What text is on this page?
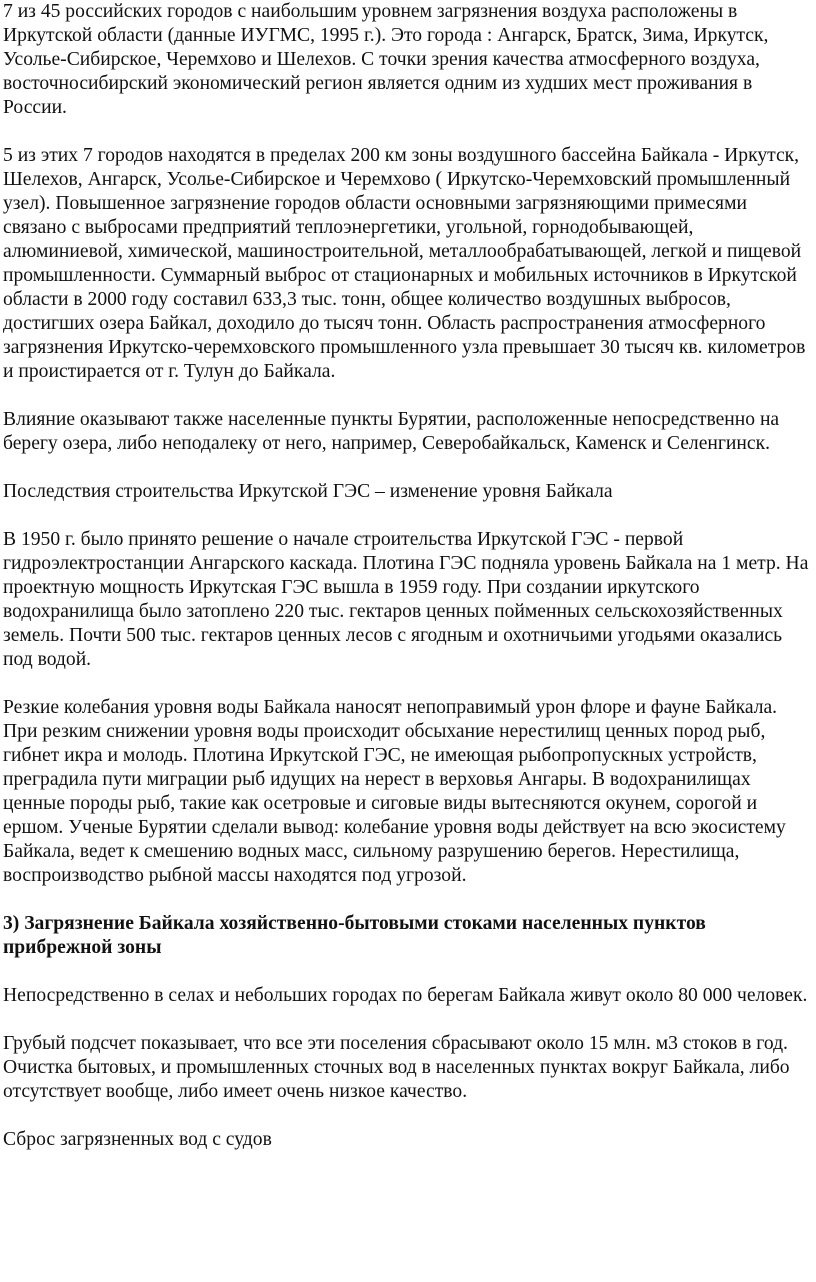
7 из 45 российских городов с наибольшим уровнем загрязнения воздуха расположены в Иркутской области (данные ИУГМС, 1995 г.). Это города : Ангарск, Братск, Зима, Иркутск, Усолье-Сибирское, Черемхово и Шелехов. С точки зрения качества атмосферного воздуха, восточносибирский экономический регион является одним из худших мест проживания в России.

5 из этих 7 городов находятся в пределах 200 км зоны воздушного бассейна Байкала - Иркутск, Шелехов, Ангарск, Усолье-Сибирское и Черемхово ( Иркутско-Черемховский промышленный узел). Повышенное загрязнение городов области основными загрязняющими примесями связано с выбросами предприятий теплоэнергетики, угольной, горнодобывающей, алюминиевой, химической, машиностроительной, металлообрабатывающей, легкой и пищевой промышленности. Суммарный выброс от стационарных и мобильных источников в Иркутской области в 2000 году составил 633,3 тыс. тонн, общее количество воздушных выбросов, достигших озера Байкал, доходило до тысяч тонн. Область распространения атмосферного загрязнения Иркутско-черемховского промышленного узла превышает 30 тысяч кв. километров и проистирается от г. Тулун до Байкала.

Влияние оказывают также населенные пункты Бурятии, расположенные непосредственно на берегу озера, либо неподалеку от него, например, Северобайкальск, Каменск и Селенгинск.

Последствия строительства Иркутской ГЭС – изменение уровня Байкала

В 1950 г. было принято решение о начале строительства Иркутской ГЭС - первой гидроэлектростанции Ангарского каскада. Плотина ГЭС подняла уровень Байкала на 1 метр. На проектную мощность Иркутская ГЭС вышла в 1959 году. При создании иркутского водохранилища было затоплено 220 тыс. гектаров ценных пойменных сельскохозяйственных земель. Почти 500 тыс. гектаров ценных лесов с ягодным и охотничьими угодьями оказались под водой.

Резкие колебания уровня воды Байкала наносят непоправимый урон флоре и фауне Байкала. При резким снижении уровня воды происходит обсыхание нерестилищ ценных пород рыб, гибнет икра и молодь. Плотина Иркутской ГЭС, не имеющая рыбопропускных устройств, преградила пути миграции рыб идущих на нерест в верховья Ангары. В водохранилищах ценные породы рыб, такие как осетровые и сиговые виды вытесняются окунем, сорогой и ершом. Ученые Бурятии сделали вывод: колебание уровня воды действует на всю экосистему Байкала, ведет к смешению водных масс, сильному разрушению берегов. Нерестилища, воспроизводство рыбной массы находятся под угрозой.

3) Загрязнение Байкала хозяйственно-бытовыми стоками населенных пунктов прибрежной зоны

Непосредственно в селах и небольших городах по берегам Байкала живут около 80 000 человек.

Грубый подсчет показывает, что все эти поселения сбрасывают около 15 млн. м3 стоков в год. Очистка бытовых, и промышленных сточных вод в населенных пунктах вокруг Байкала, либо отсутствует вообще, либо имеет очень низкое качество.

Сброс загрязненных вод с судов
